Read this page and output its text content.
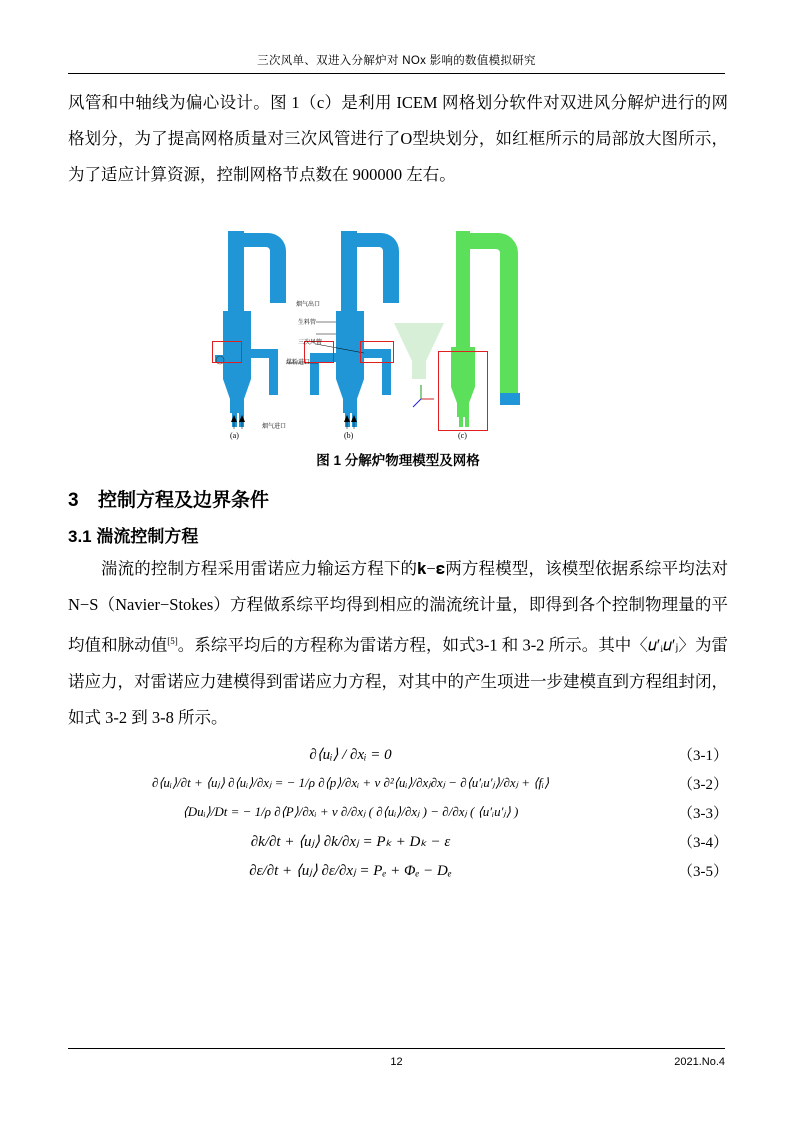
三次风单、双进入分解炉对 NOx 影响的数值模拟研究

风管和中轴线为偏心设计。图 1（c）是利用 ICEM 网格划分软件对双进风分解炉进行的网格划分，为了提高网格质量对三次风管进行了O型块划分，如红框所示的局部放大图所示，为了适应计算资源，控制网格节点数在 900000 左右。

烟气出口
生料管
三次风管
煤粉进口
烟气进口
(a)	(b)	(c)
图 1 分解炉物理模型及网格
3 控制方程及边界条件
3.1 湍流控制方程

湍流的控制方程采用雷诺应力输运方程下的𝐤−𝛆两方程模型，该模型依据系综平均法对 N−S（Navier−Stokes）方程做系综平均得到相应的湍流统计量，即得到各个控制物理量的平均值和脉动值[5]。系综平均后的方程称为雷诺方程，如式3-1 和 3-2 所示。其中〈𝑢′ᵢ𝑢′ⱼ〉为雷诺应力，对雷诺应力建模得到雷诺应力方程，对其中的产生项进一步建模直到方程组封闭，如式 3-2 到 3-8 所示。

∂⟨uᵢ⟩ / ∂xᵢ = 0	（3-1）
∂⟨uᵢ⟩/∂t + ⟨uⱼ⟩ ∂⟨uᵢ⟩/∂xⱼ = − 1/ρ ∂⟨p⟩/∂xᵢ + ν ∂²⟨uᵢ⟩/∂xⱼ∂xⱼ − ∂⟨u′ᵢu′ⱼ⟩/∂xⱼ + ⟨fᵢ⟩	（3-2）
⟨Duᵢ⟩/Dt = − 1/ρ ∂⟨P⟩/∂xᵢ + ν ∂/∂xⱼ ( ∂⟨uᵢ⟩/∂xⱼ ) − ∂/∂xⱼ ( ⟨u′ᵢu′ⱼ⟩ )	（3-3）
∂k/∂t + ⟨uⱼ⟩ ∂k/∂xⱼ = Pₖ + Dₖ − ε	（3-4）
∂ε/∂t + ⟨uⱼ⟩ ∂ε/∂xⱼ = Pₑ + Φₑ − Dₑ	（3-5）
12	2021.No.4
